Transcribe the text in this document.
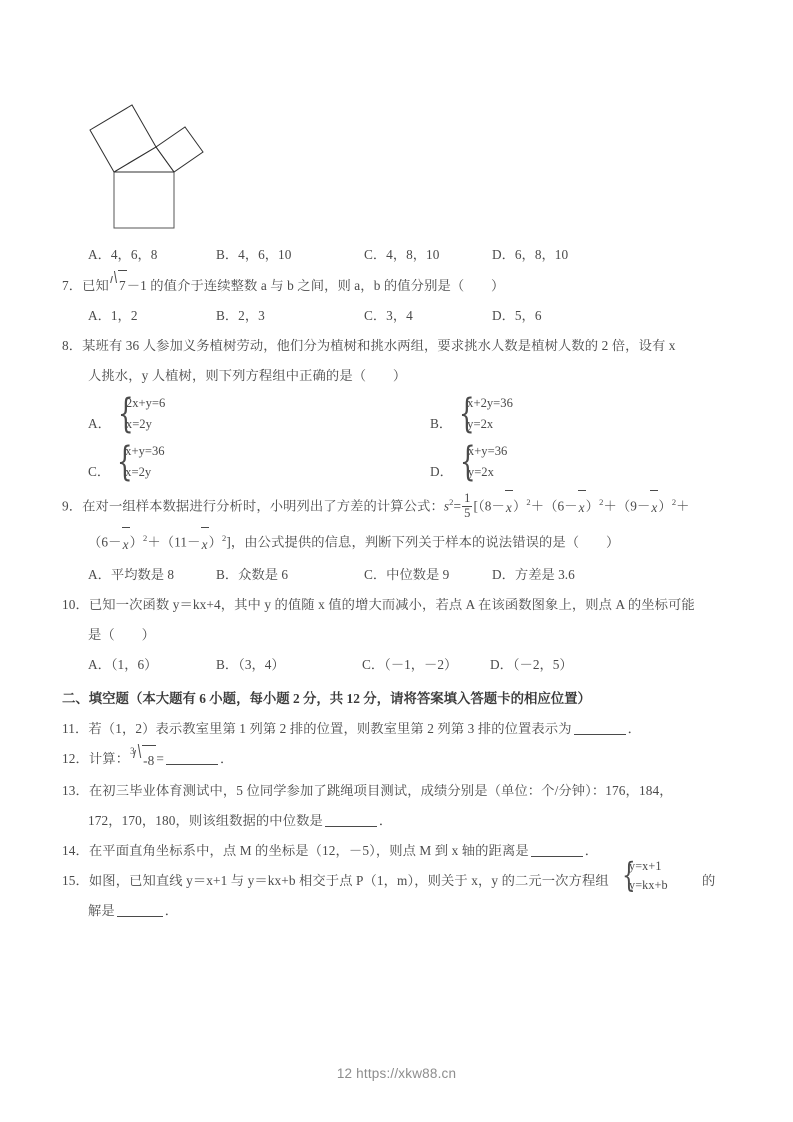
A．4，6，8	B．4，6，10	C．4，8，10	D．6，8，10
7．已知 7－1 的值介于连续整数 a 与 b 之间，则 a，b 的值分别是（　　）
A．1，2	B．2，3	C．3，4	D．5，6
8．某班有 36 人参加义务植树劳动，他们分为植树和挑水两组，要求挑水人数是植树人数的 2 倍，设有 x
人挑水，y 人植树，则下列方程组中正确的是（　　）
A． {
2x+y=6
x=2y	B． {
x+2y=36
y=2x
C． {
x+y=36
x=2y	D． {
x+y=36
y=2x
9．在对一组样本数据进行分析时，小明列出了方差的计算公式：$s^2= \frac{1}{5} [(8-x)^2+(6-x)^2+(9-x)^2+$
$(6-x)^2+(11-x)^2$]，由公式提供的信息，判断下列关于样本的说法错误的是（　　）
A．平均数是 8	B．众数是 6	C．中位数是 9	D．方差是 3.6
10．已知一次函数 y＝kx+4，其中 y 的值随 x 值的增大而减小，若点 A 在该函数图象上，则点 A 的坐标可能
是（　　）
A．（1，6）	B．（3，4）	C．（－1，－2） D．（－2，5）
二、填空题（本大题有 6 小题，每小题 2 分，共 12 分，请将答案填入答题卡的相应位置）
11．若（1，2）表示教室里第 1 列第 2 排的位置，则教室里第 2 列第 3 排的位置表示为	．
12．计算： 3
-8 =	．
13．在初三毕业体育测试中，5 位同学参加了跳绳项目测试，成绩分别是（单位：个/分钟）：176，184，
172，170，180，则该组数据的中位数是	．
14．在平面直角坐标系中，点 M 的坐标是（12，－5），则点 M 到 x 轴的距离是	．
15．如图，已知直线 y＝x+1 与 y＝kx+b 相交于点 P（1，m），则关于 x，y 的二元一次方程组 {
y=x+1
y=kx+b	的
解是	．
12 https://xkw88.cn
